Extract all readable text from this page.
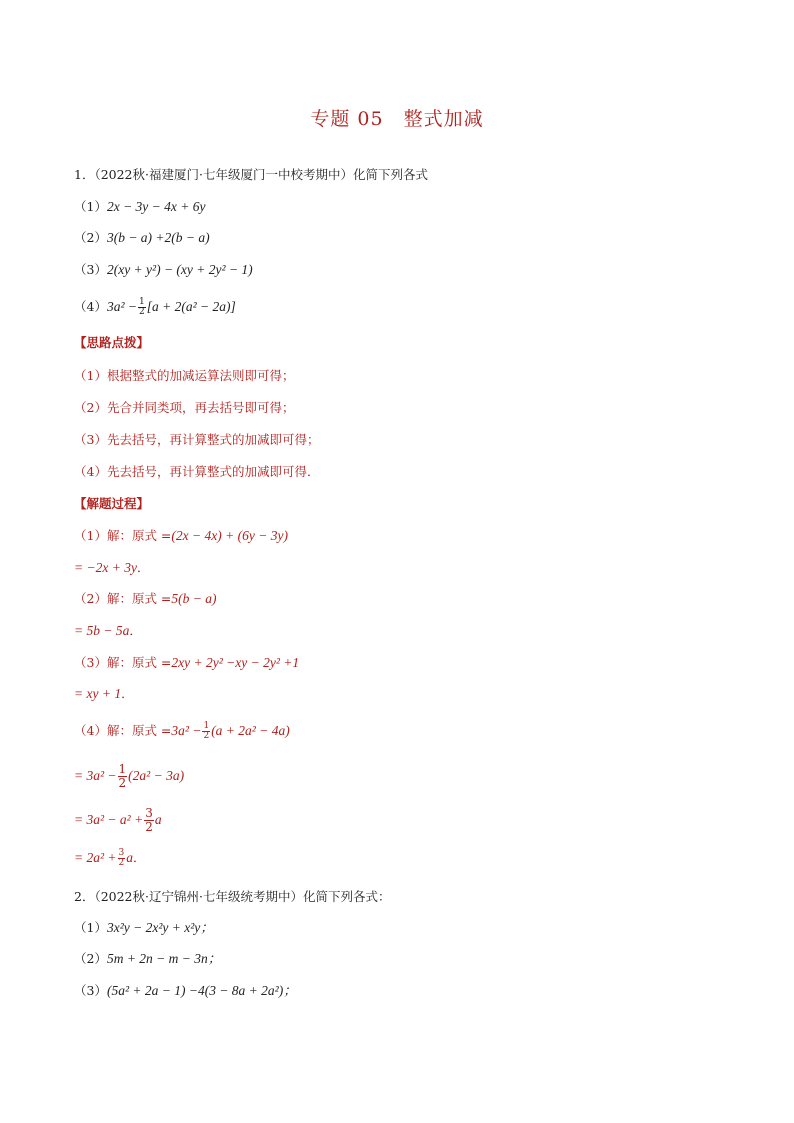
专题 05　整式加减
1．（2022秋·福建厦门·七年级厦门一中校考期中）化简下列各式
（1）2x − 3y − 4x + 6y
（2）3(b − a) +2(b − a)
（3）2(xy + y²) − (xy + 2y² − 1)
$(4)3a^2 - \frac{1}{2} [a + 2(a^2 - 2a)]$
【思路点拨】
（1）根据整式的加减运算法则即可得；
（2）先合并同类项，再去括号即可得；
（3）先去括号，再计算整式的加减即可得；
（4）先去括号，再计算整式的加减即可得．
【解题过程】
（1）解：原式 =(2x − 4x) + (6y − 3y)
= −2x + 3y．
（2）解：原式 =5(b − a)
= 5b − 5a．
（3）解：原式 =2xy + 2y² −xy − 2y² +1
= xy + 1．
（4）解：原式 $=3a^2 - \frac{1}{2} (a + 2a^2 - 4a)$
= $3a^2 - \frac{1}{2} (2a^2 - 3a)$
= $3a^2 - a^2 + \frac{3}{2}$ a
= $2a^2 + \frac{3}{2}$ a．
2．（2022秋·辽宁锦州·七年级统考期中）化简下列各式：
（1）3x²y − 2x²y + x²y；
（2）5m + 2n − m − 3n；
（3）(5a² + 2a − 1) −4(3 − 8a + 2a²)；
